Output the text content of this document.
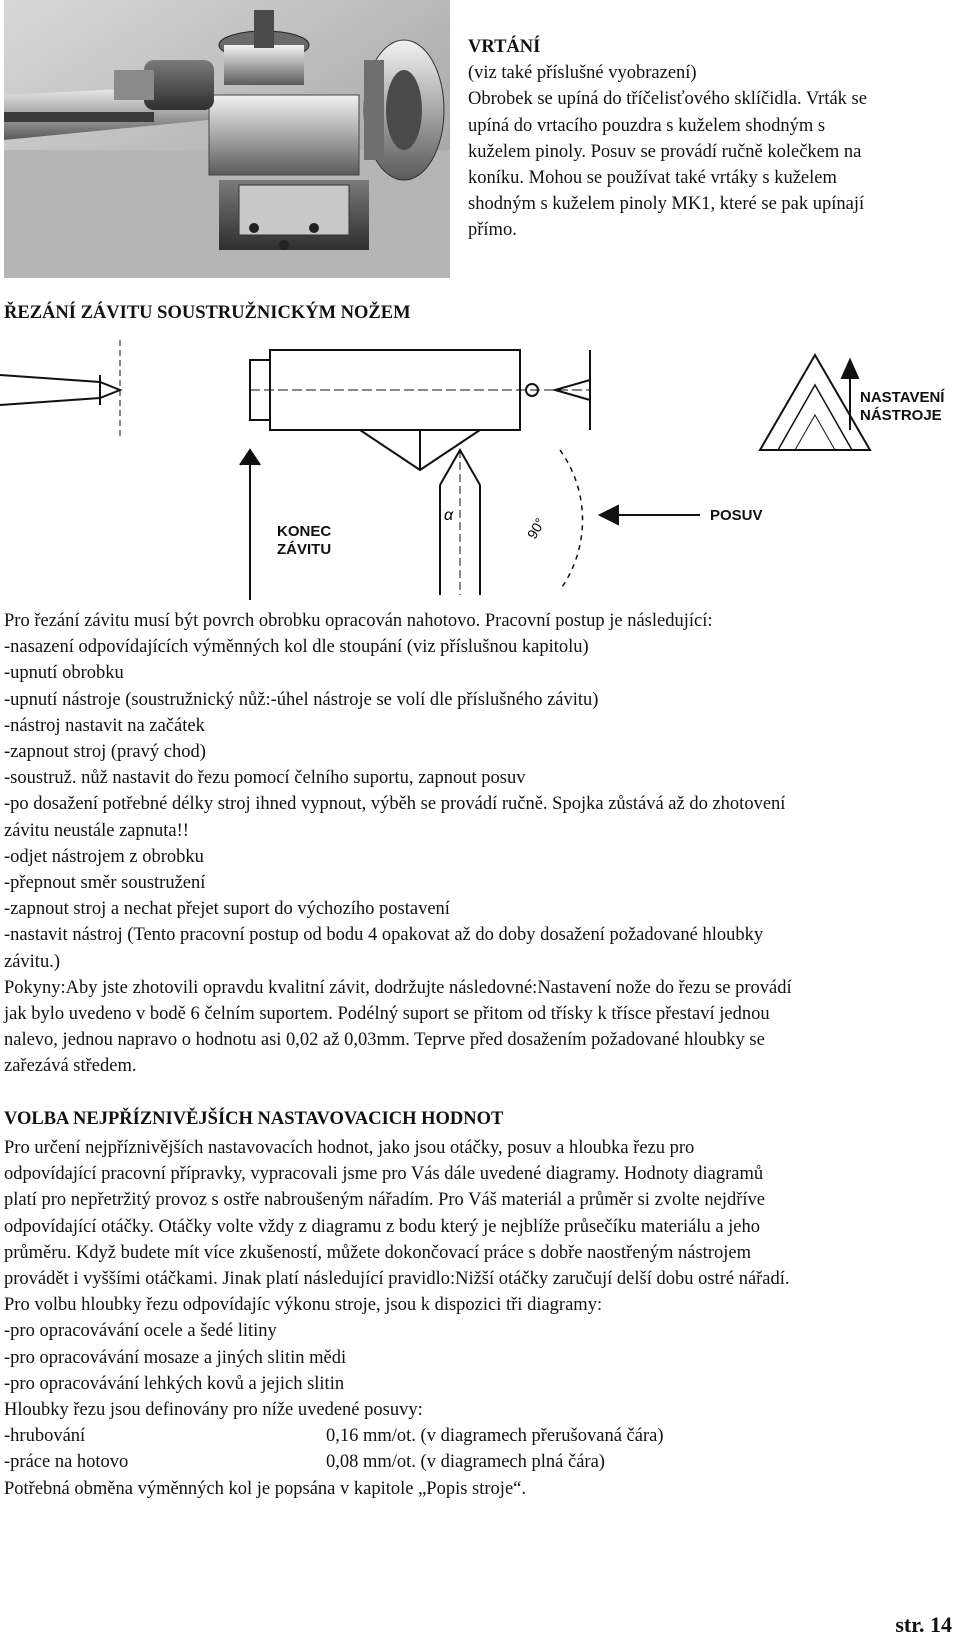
VRTÁNÍ

(viz také příslušné vyobrazení)

Obrobek se upíná do tříčelisťového sklíčidla. Vrták se

upíná do vrtacího pouzdra s kuželem shodným s

kuželem pinoly. Posuv se provádí ručně kolečkem na

koníku. Mohou se používat také vrtáky s kuželem

shodným s kuželem pinoly MK1, které se pak upínají

přímo.

ŘEZÁNÍ ZÁVITU SOUSTRUŽNICKÝM NOŽEM
NASTAVENÍ
NÁSTROJE
POSUV
KONEC
ZÁVITU
α	90°

Pro řezání závitu musí být povrch obrobku opracován nahotovo. Pracovní postup je následující:

-nasazení odpovídajících výměnných kol dle stoupání (viz příslušnou kapitolu)

-upnutí obrobku

-upnutí nástroje (soustružnický nůž:-úhel nástroje se volí dle příslušného závitu)

-nástroj nastavit na začátek

-zapnout stroj (pravý chod)

-soustruž. nůž nastavit do řezu pomocí čelního suportu, zapnout posuv

-po dosažení potřebné délky stroj ihned vypnout, výběh se provádí ručně. Spojka zůstává až do zhotovení

závitu neustále zapnuta!!

-odjet nástrojem z obrobku

-přepnout směr soustružení

-zapnout stroj a nechat přejet suport do výchozího postavení

-nastavit nástroj (Tento pracovní postup od bodu 4 opakovat až do doby dosažení požadované hloubky

závitu.)

Pokyny:Aby jste zhotovili opravdu kvalitní závit, dodržujte následovné:Nastavení nože do řezu se provádí

jak bylo uvedeno v bodě 6 čelním suportem. Podélný suport se přitom od třísky k třísce přestaví jednou

nalevo, jednou napravo o hodnotu asi 0,02 až 0,03mm. Teprve před dosažením požadované hloubky se

zařezává středem.

VOLBA NEJPŘÍZNIVĚJŠÍCH NASTAVOVACICH HODNOT

Pro určení nejpříznivějších nastavovacích hodnot, jako jsou otáčky, posuv a hloubka řezu pro

odpovídající pracovní přípravky, vypracovali jsme pro Vás dále uvedené diagramy. Hodnoty diagramů

platí pro nepřetržitý provoz s ostře nabroušeným nářadím. Pro Váš materiál a průměr si zvolte nejdříve

odpovídající otáčky. Otáčky volte vždy z diagramu z bodu který je nejblíže průsečíku materiálu a jeho

průměru. Když budete mít více zkušeností, můžete dokončovací práce s dobře naostřeným nástrojem

provádět i vyššími otáčkami. Jinak platí následující pravidlo:Nižší otáčky zaručují delší dobu ostré nářadí.

Pro volbu hloubky řezu odpovídajíc výkonu stroje, jsou k dispozici tři diagramy:

-pro opracovávání ocele a šedé litiny

-pro opracovávání mosaze a jiných slitin mědi

-pro opracovávání lehkých kovů a jejich slitin

Hloubky řezu jsou definovány pro níže uvedené posuvy:

-hrubování	0,16 mm/ot. (v diagramech přerušovaná čára)
-práce na hotovo	0,08 mm/ot. (v diagramech plná čára)

Potřebná obměna výměnných kol je popsána v kapitole „Popis stroje“.

str. 14
